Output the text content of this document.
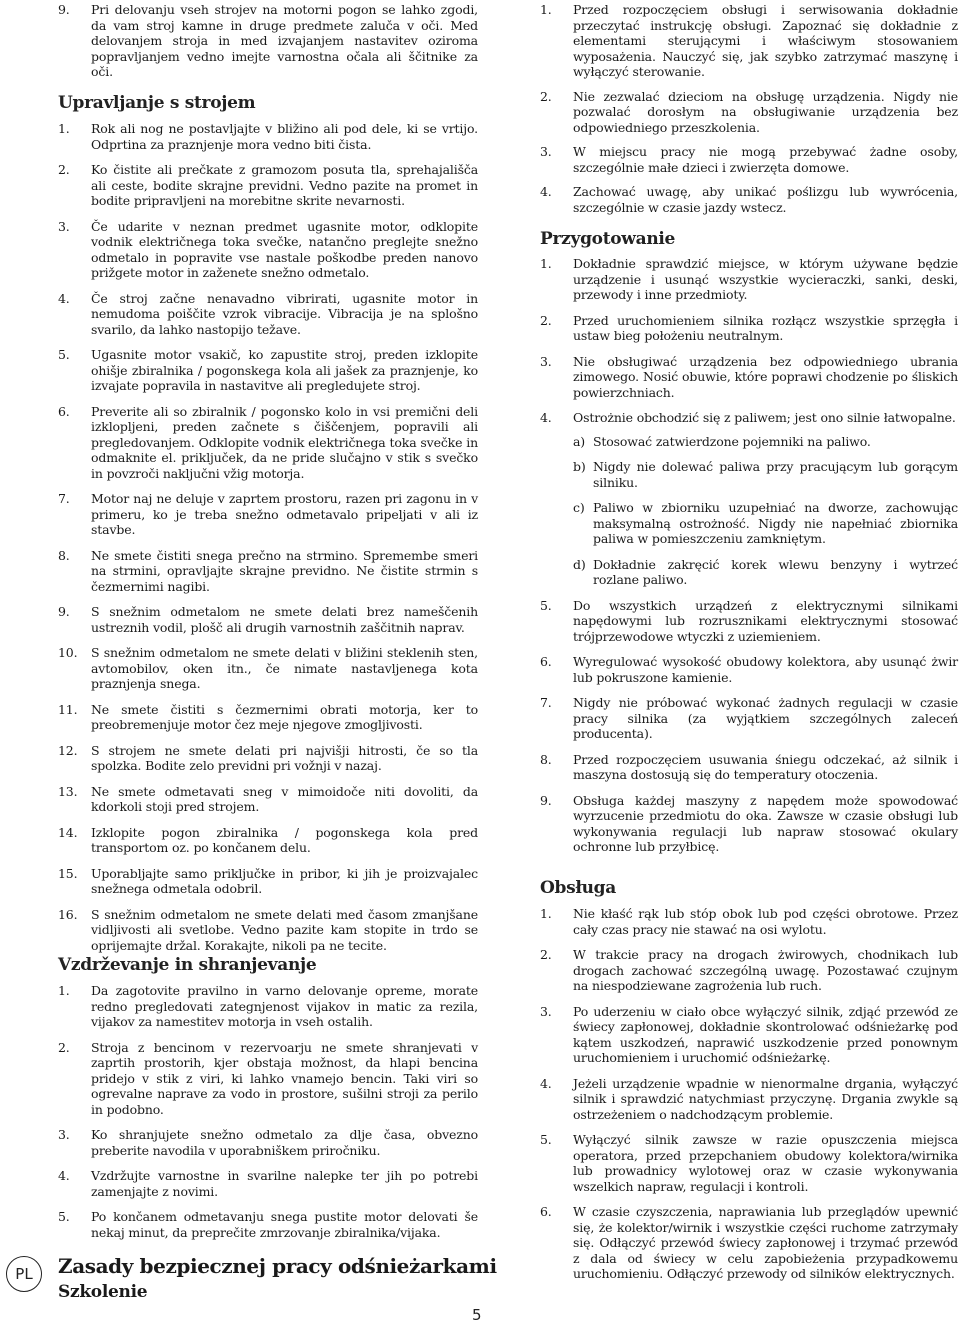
9. Pri delovanju vseh strojev na motorni pogon se lahko zgodi, da vam stroj kamne in druge predmete zaluča v oči. Med delovanjem stroja in med izvajanjem nastavitev oziroma popravljanjem vedno imejte varnostna očala ali ščitnike za oči.
Upravljanje s strojem
1. Rok ali nog ne postavljajte v bližino ali pod dele, ki se vrtijo. Odprtina za praznjenje mora vedno biti čista.
2. Ko čistite ali prečkate z gramozom posuta tla, sprehajališča ali ceste, bodite skrajne previdni. Vedno pazite na promet in bodite pripravljeni na morebitne skrite nevarnosti.
3. Če udarite v neznan predmet ugasnite motor, odklopite vodnik električnega toka svečke, natančno preglejte snežno odmetalo in popravite vse nastale poškodbe preden nanovo prižgete motor in zaženete snežno odmetalo.
4. Če stroj začne nenavadno vibrirati, ugasnite motor in nemudoma poiščite vzrok vibracije. Vibracija je na splošno svarilo, da lahko nastopijo težave.
5. Ugasnite motor vsakič, ko zapustite stroj, preden izklopite ohišje zbiralnika / pogonskega kola ali jašek za praznjenje, ko izvajate popravila in nastavitve ali pregledujete stroj.
6. Preverite ali so zbiralnik / pogonsko kolo in vsi premični deli izklopljeni, preden začnete s čiščenjem, popravili ali pregledovanjem. Odklopite vodnik električnega toka svečke in odmaknite el. priključek, da ne pride slučajno v stik s svečko in povzroči naključni vžig motorja.
7. Motor naj ne deluje v zaprtem prostoru, razen pri zagonu in v primeru, ko je treba snežno odmetavalo pripeljati v ali iz stavbe.
8. Ne smete čistiti snega prečno na strmino. Spremembe smeri na strmini, opravljajte skrajne previdno. Ne čistite strmin s čezmernimi nagibi.
9. S snežnim odmetalom ne smete delati brez nameščenih ustreznih vodil, plošč ali drugih varnostnih zaščitnih naprav.
10. S snežnim odmetalom ne smete delati v bližini steklenih sten, avtomobilov, oken itn., če nimate nastavljenega kota praznjenja snega.
11. Ne smete čistiti s čezmernimi obrati motorja, ker to preobremenjuje motor čez meje njegove zmogljivosti.
12. S strojem ne smete delati pri najvišji hitrosti, če so tla spolzka. Bodite zelo previdni pri vožnji v nazaj.
13. Ne smete odmetavati sneg v mimoidoče niti dovoliti, da kdorkoli stoji pred strojem.
14. Izklopite pogon zbiralnika / pogonskega kola pred transportom oz. po končanem delu.
15. Uporabljajte samo priključke in pribor, ki jih je proizvajalec snežnega odmetala odobril.
16. S snežnim odmetalom ne smete delati med časom zmanjšane vidljivosti ali svetlobe. Vedno pazite kam stopite in trdo se oprijemajte držal. Korakajte, nikoli pa ne tecite.
Vzdrževanje in shranjevanje
1. Da zagotovite pravilno in varno delovanje opreme, morate redno pregledovati zategnjenost vijakov in matic za rezila, vijakov za namestitev motorja in vseh ostalih.
2. Stroja z bencinom v rezervoarju ne smete shranjevati v zaprtih prostorih, kjer obstaja možnost, da hlapi bencina pridejo v stik z viri, ki lahko vnamejo bencin. Taki viri so ogrevalne naprave za vodo in prostore, sušilni stroji za perilo in podobno.
3. Ko shranjujete snežno odmetalo za dlje časa, obvezno preberite navodila v uporabniškem priročniku.
4. Vzdržujte varnostne in svarilne nalepke ter jih po potrebi zamenjajte z novimi.
5. Po končanem odmetavanju snega pustite motor delovati še nekaj minut, da preprečite zmrzovanje zbiralnika/vijaka.
Zasady bezpiecznej pracy odśnieżarkami
Szkolenie
1. Przed rozpoczęciem obsługi i serwisowania dokładnie przeczytać instrukcję obsługi. Zapoznać się dokładnie z elementami sterującymi i właściwym stosowaniem wyposażenia. Nauczyć się, jak szybko zatrzymać maszynę i wyłączyć sterowanie.
2. Nie zezwalać dzieciom na obsługę urządzenia. Nigdy nie pozwalać dorosłym na obsługiwanie urządzenia bez odpowiedniego przeszkolenia.
3. W miejscu pracy nie mogą przebywać żadne osoby, szczególnie małe dzieci i zwierzęta domowe.
4. Zachować uwagę, aby unikać poślizgu lub wywrócenia, szczególnie w czasie jazdy wstecz.
Przygotowanie
1. Dokładnie sprawdzić miejsce, w którym używane będzie urządzenie i usunąć wszystkie wycieraczki, sanki, deski, przewody i inne przedmioty.
2. Przed uruchomieniem silnika rozłącz wszystkie sprzęgła i ustaw bieg położeniu neutralnym.
3. Nie obsługiwać urządzenia bez odpowiedniego ubrania zimowego. Nosić obuwie, które poprawi chodzenie po śliskich powierzchniach.
4. Ostrożnie obchodzić się z paliwem; jest ono silnie łatwopalne.
a) Stosować zatwierdzone pojemniki na paliwo.
b) Nigdy nie dolewać paliwa przy pracującym lub gorącym silniku.
c) Paliwo w zbiorniku uzupełniać na dworze, zachowując maksymalną ostrożność. Nigdy nie napełniać zbiornika paliwa w pomieszczeniu zamkniętym.
d) Dokładnie zakręcić korek wlewu benzyny i wytrzeć rozlane paliwo.
5. Do wszystkich urządzeń z elektrycznymi silnikami napędowymi lub rozrusznikami elektrycznymi stosować trójprzewodowe wtyczki z uziemieniem.
6. Wyregulować wysokość obudowy kolektora, aby usunąć żwir lub pokruszone kamienie.
7. Nigdy nie próbować wykonać żadnych regulacji w czasie pracy silnika (za wyjątkiem szczególnych zaleceń producenta).
8. Przed rozpoczęciem usuwania śniegu odczekać, aż silnik i maszyna dostosują się do temperatury otoczenia.
9. Obsługa każdej maszyny z napędem może spowodować wyrzucenie przedmiotu do oka. Zawsze w czasie obsługi lub wykonywania regulacji lub napraw stosować okulary ochronne lub przyłbicę.
Obsługa
1. Nie kłaść rąk lub stóp obok lub pod części obrotowe. Przez cały czas pracy nie stawać na osi wylotu.
2. W trakcie pracy na drogach żwirowych, chodnikach lub drogach zachować szczególną uwagę. Pozostawać czujnym na niespodziewane zagrożenia lub ruch.
3. Po uderzeniu w ciało obce wyłączyć silnik, zdjąć przewód ze świecy zapłonowej, dokładnie skontrolować odśnieżarkę pod kątem uszkodzeń, naprawić uszkodzenie przed ponownym uruchomieniem i uruchomić odśnieżarkę.
4. Jeżeli urządzenie wpadnie w nienormalne drgania, wyłączyć silnik i sprawdzić natychmiast przyczynę. Drgania zwykle są ostrzeżeniem o nadchodzącym problemie.
5. Wyłączyć silnik zawsze w razie opuszczenia miejsca operatora, przed przepchaniem obudowy kolektora/wirnika lub prowadnicy wylotowej oraz w czasie wykonywania wszelkich napraw, regulacji i kontroli.
6. W czasie czyszczenia, naprawiania lub przeglądów upewnić się, że kolektor/wirnik i wszystkie części ruchome zatrzymały się. Odłączyć przewód świecy zapłonowej i trzymać przewód z dala od świecy w celu zapobieżenia przypadkowemu uruchomieniu. Odłączyć przewody od silników elektrycznych.
PL
5
